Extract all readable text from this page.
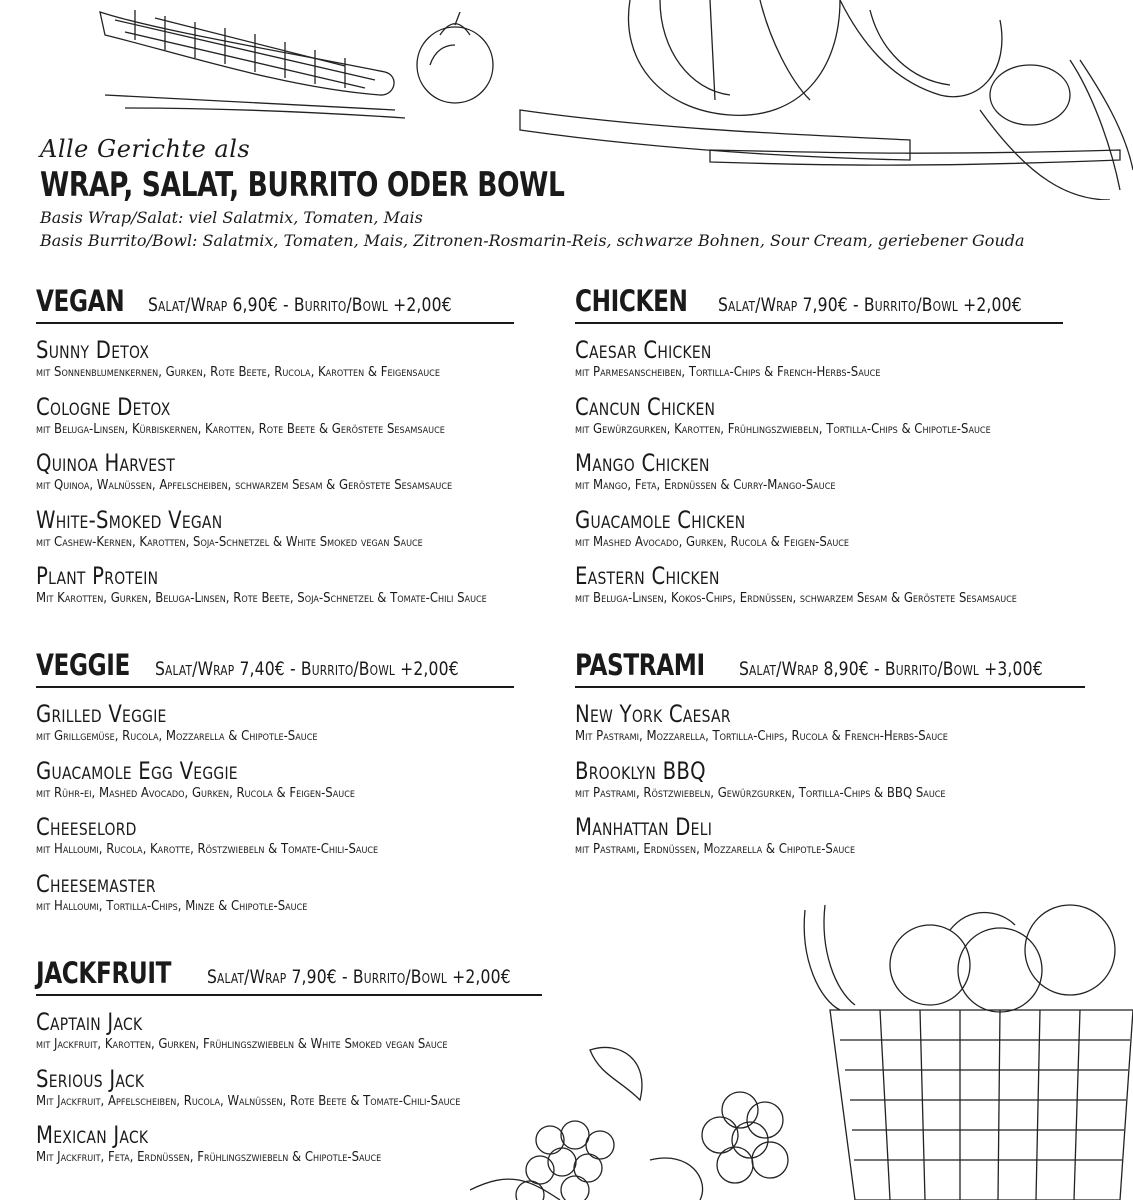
Alle Gerichte als
WRAP, SALAT, BURRITO ODER BOWL
Basis Wrap/Salat: viel Salatmix, Tomaten, Mais
Basis Burrito/Bowl: Salatmix, Tomaten, Mais, Zitronen-Rosmarin-Reis, schwarze Bohnen, Sour Cream, geriebener Gouda
VEGAN Salat/Wrap 6,90€ - Burrito/Bowl +2,00€
Sunny Detox
mit Sonnenblumenkernen, Gurken, Rote Beete, Rucola, Karotten & Feigensauce
Cologne Detox
mit Beluga-Linsen, Kürbiskernen, Karotten, Rote Beete & Geröstete Sesamsauce
Quinoa Harvest
mit Quinoa, Walnüssen, Apfelscheiben, schwarzem Sesam & Geröstete Sesamsauce
White-Smoked Vegan
mit Cashew-Kernen, Karotten, Soja-Schnetzel & White Smoked vegan Sauce
Plant Protein
Mit Karotten, Gurken, Beluga-Linsen, Rote Beete, Soja-Schnetzel & Tomate-Chili Sauce
CHICKEN Salat/Wrap 7,90€ - Burrito/Bowl +2,00€
Caesar Chicken
mit Parmesanscheiben, Tortilla-Chips & French-Herbs-Sauce
Cancun Chicken
mit Gewürzgurken, Karotten, Frühlingszwiebeln, Tortilla-Chips & Chipotle-Sauce
Mango Chicken
mit Mango, Feta, Erdnüssen & Curry-Mango-Sauce
Guacamole Chicken
mit Mashed Avocado, Gurken, Rucola & Feigen-Sauce
Eastern Chicken
mit Beluga-Linsen, Kokos-Chips, Erdnüssen, schwarzem Sesam & Geröstete Sesamsauce
VEGGIE Salat/Wrap 7,40€ - Burrito/Bowl +2,00€
Grilled Veggie
mit Grillgemüse, Rucola, Mozzarella & Chipotle-Sauce
Guacamole Egg Veggie
mit Rühr-ei, Mashed Avocado, Gurken, Rucola & Feigen-Sauce
Cheeselord
mit Halloumi, Rucola, Karotte, Röstzwiebeln & Tomate-Chili-Sauce
Cheesemaster
mit Halloumi, Tortilla-Chips, Minze & Chipotle-Sauce
PASTRAMI Salat/Wrap 8,90€ - Burrito/Bowl +3,00€
New York Caesar
Mit Pastrami, Mozzarella, Tortilla-Chips, Rucola & French-Herbs-Sauce
Brooklyn BBQ
mit Pastrami, Röstzwiebeln, Gewürzgurken, Tortilla-Chips & BBQ Sauce
Manhattan Deli
mit Pastrami, Erdnüssen, Mozzarella & Chipotle-Sauce
JACKFRUIT Salat/Wrap 7,90€ - Burrito/Bowl +2,00€
Captain Jack
mit Jackfruit, Karotten, Gurken, Frühlingszwiebeln & White Smoked vegan Sauce
Serious Jack
Mit Jackfruit, Apfelscheiben, Rucola, Walnüssen, Rote Beete & Tomate-Chili-Sauce
Mexican Jack
Mit Jackfruit, Feta, Erdnüssen, Frühlingszwiebeln & Chipotle-Sauce
